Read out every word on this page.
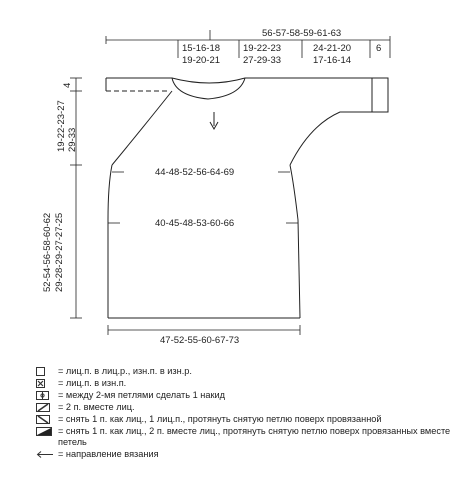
56-57-58-59-61-63
6
15-16-18
19-20-21
19-22-23
27-29-33
24-21-20
17-16-14
44-48-52-56-64-69
40-45-48-53-60-66
47-52-55-60-67-73
4
19-22-23-27 29-33
52-54-56-58-60-62 29-28-29-27-27-25
= лиц.п. в лиц.р., изн.п. в изн.р.
= лиц.п. в изн.п.
= между 2-мя петлями сделать 1 накид
= 2 п. вместе лиц.
= снять 1 п. как лиц., 1 лиц.п., протянуть снятую петлю поверх провязанной
= снять 1 п. как лиц., 2 п. вместе лиц., протянуть снятую петлю поверх провязанных вместе петель
= направление вязания
